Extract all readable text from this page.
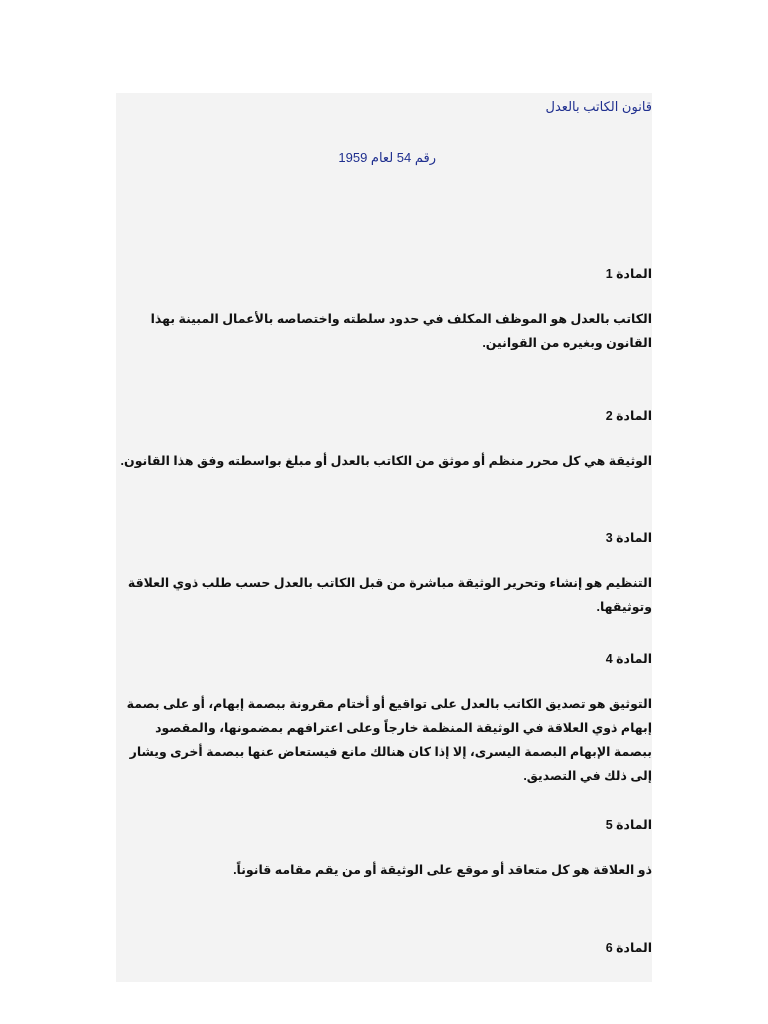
قانون الكاتب بالعدل
رقم 54 لعام 1959

المادة 1

الكاتب بالعدل هو الموظف المكلف في حدود سلطته واختصاصه بالأعمال المبينة بهذا القانون وبغيره من القوانين.

المادة 2

الوثيقة هي كل محرر منظم أو موثق من الكاتب بالعدل أو مبلغ بواسطته وفق هذا القانون.

المادة 3

التنظيم هو إنشاء وتحرير الوثيقة مباشرة من قبل الكاتب بالعدل حسب طلب ذوي العلاقة وتوثيقها.

المادة 4

التوثيق هو تصديق الكاتب بالعدل على تواقيع أو أختام مقرونة ببصمة إبهام، أو على بصمة إبهام ذوي العلاقة في الوثيقة المنظمة خارجاً وعلى اعترافهم بمضمونها، والمقصود ببصمة الإبهام البصمة اليسرى، إلا إذا كان هنالك مانع فيستعاض عنها ببصمة أخرى ويشار إلى ذلك في التصديق.

المادة 5

ذو العلاقة هو كل متعاقد أو موقع على الوثيقة أو من يقم مقامه قانوناً.

المادة 6
